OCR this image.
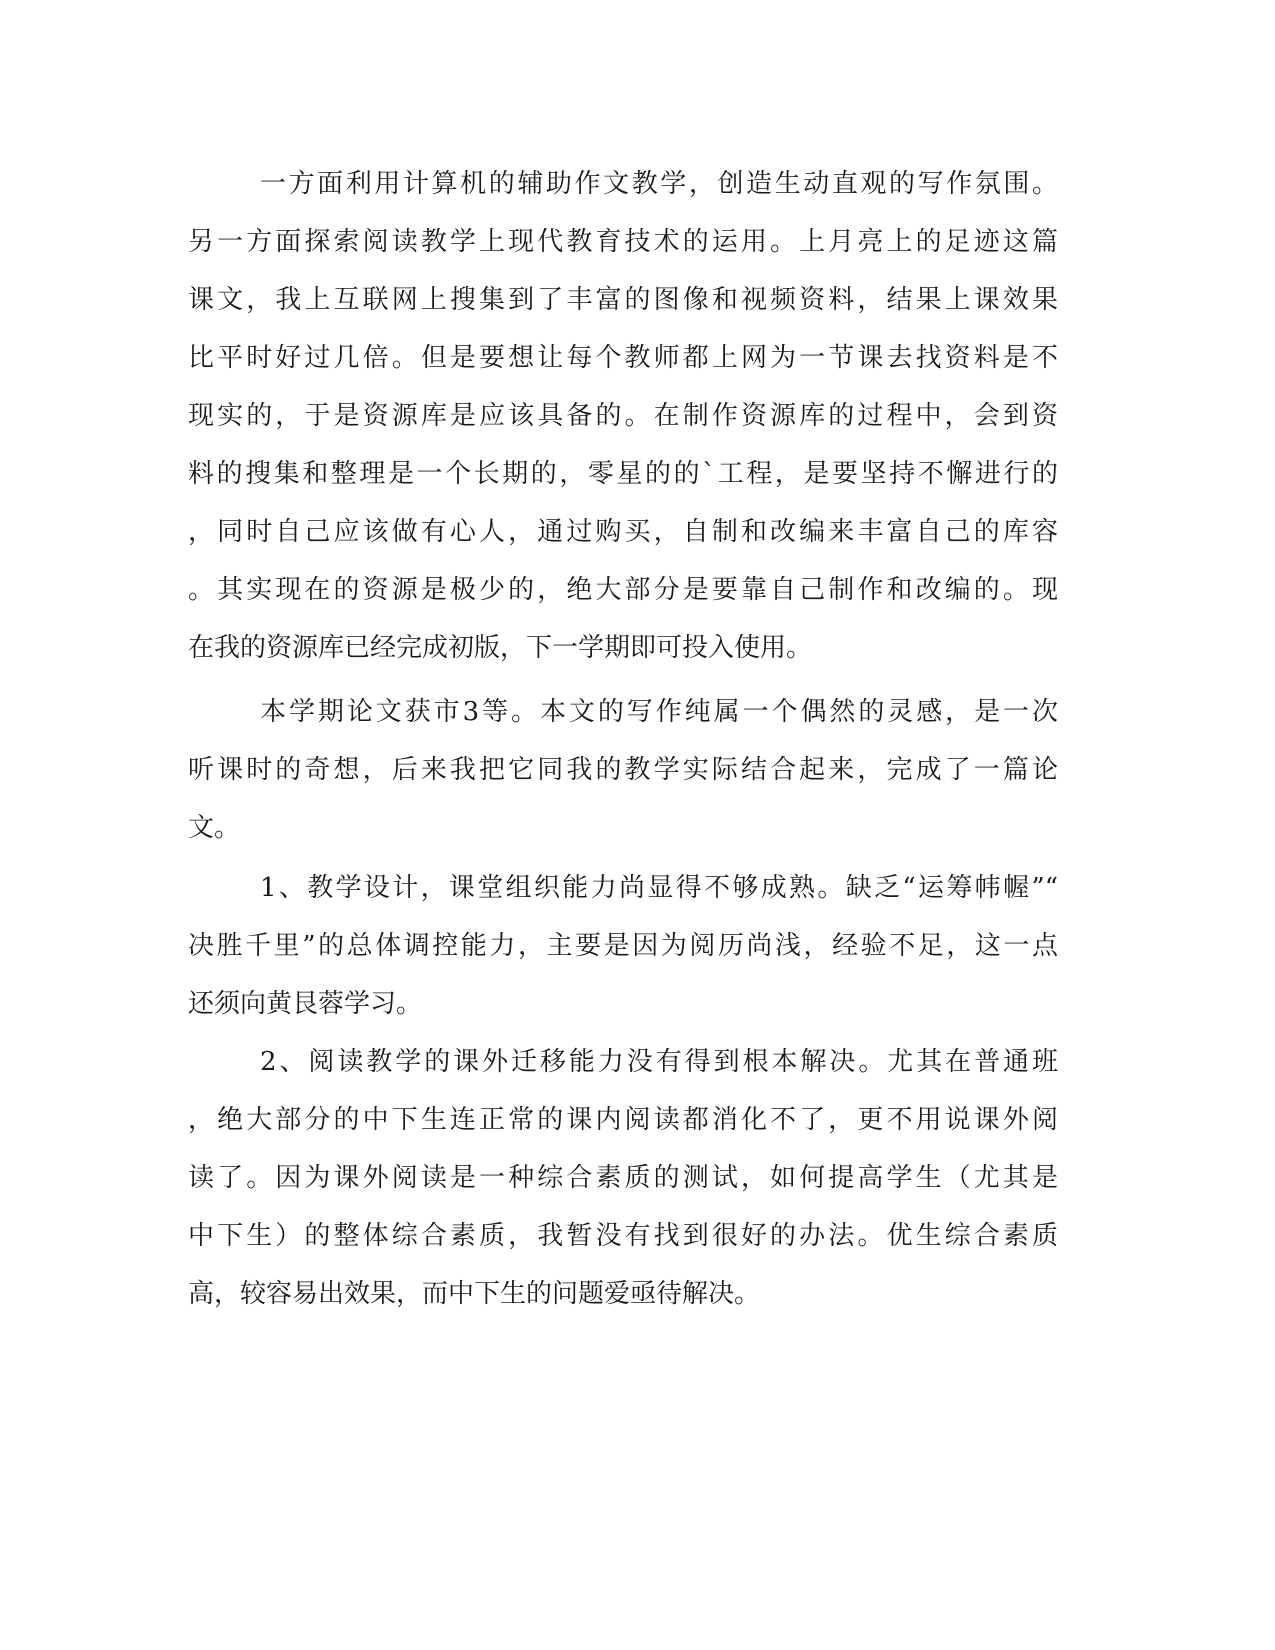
一方面利用计算机的辅助作文教学，创造生动直观的写作氛围。
另一方面探索阅读教学上现代教育技术的运用。上月亮上的足迹这篇
课文，我上互联网上搜集到了丰富的图像和视频资料，结果上课效果
比平时好过几倍。但是要想让每个教师都上网为一节课去找资料是不
现实的，于是资源库是应该具备的。在制作资源库的过程中，会到资
料的搜集和整理是一个长期的，零星的的`工程，是要坚持不懈进行的
，同时自己应该做有心人，通过购买，自制和改编来丰富自己的库容
。其实现在的资源是极少的，绝大部分是要靠自己制作和改编的。现
在我的资源库已经完成初版，下一学期即可投入使用。
本学期论文获市3等。本文的写作纯属一个偶然的灵感，是一次
听课时的奇想，后来我把它同我的教学实际结合起来，完成了一篇论
文。
1、教学设计，课堂组织能力尚显得不够成熟。缺乏“运筹帏幄”“
决胜千里”的总体调控能力，主要是因为阅历尚浅，经验不足，这一点
还须向黄艮蓉学习。
2、阅读教学的课外迁移能力没有得到根本解决。尤其在普通班
，绝大部分的中下生连正常的课内阅读都消化不了，更不用说课外阅
读了。因为课外阅读是一种综合素质的测试，如何提高学生（尤其是
中下生）的整体综合素质，我暂没有找到很好的办法。优生综合素质
高，较容易出效果，而中下生的问题爱亟待解决。
